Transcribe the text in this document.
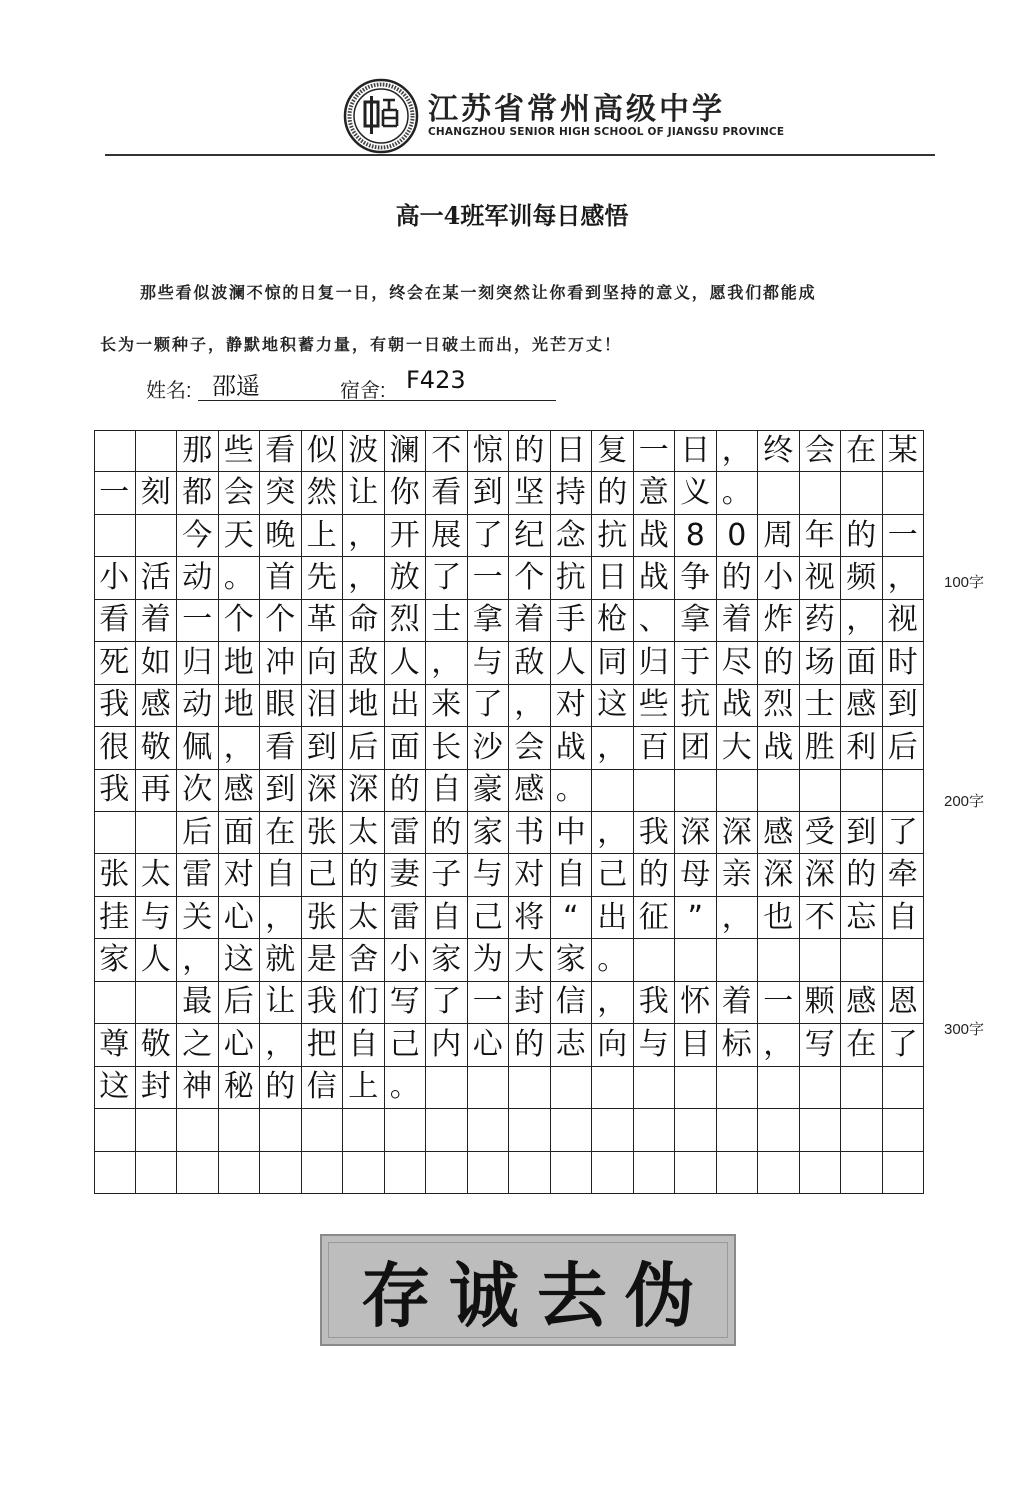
江苏省常州高级中学
CHANGZHOU SENIOR HIGH SCHOOL OF JIANGSU PROVINCE
高一4班军训每日感悟
那些看似波澜不惊的日复一日，终会在某一刻突然让你看到坚持的意义，愿我们都能成
长为一颗种子，静默地积蓄力量，有朝一日破土而出，光芒万丈！
姓名: 邵遥	宿舍: F423
那 些 看 似 波 澜 不 惊 的 日 复 一 日 ， 终 会 在 某
一 刻 都 会 突 然 让 你 看 到 坚 持 的 意 义 。
今 天 晚 上 ， 开 展 了 纪 念 抗 战 8 0 周 年 的 一
小 活 动 。 首 先 ， 放 了 一 个 抗 日 战 争 的 小 视 频 ，
看 着 一 个 个 革 命 烈 士 拿 着 手 枪 、 拿 着 炸 药 ， 视
死 如 归 地 冲 向 敌 人 ， 与 敌 人 同 归 于 尽 的 场 面 时
我 感 动 地 眼 泪 地 出 来 了 ， 对 这 些 抗 战 烈 士 感 到
很 敬 佩 ， 看 到 后 面 长 沙 会 战 ， 百 团 大 战 胜 利 后
我 再 次 感 到 深 深 的 自 豪 感 。
后 面 在 张 太 雷 的 家 书 中 ， 我 深 深 感 受 到 了
张 太 雷 对 自 己 的 妻 子 与 对 自 己 的 母 亲 深 深 的 牵
挂 与 关 心 ， 张 太 雷 自 己 将 “ 出 征 ” ， 也 不 忘 自
家 人 ， 这 就 是 舍 小 家 为 大 家 。
最 后 让 我 们 写 了 一 封 信 ， 我 怀 着 一 颗 感 恩
尊 敬 之 心 ， 把 自 己 内 心 的 志 向 与 目 标 ， 写 在 了
这 封 神 秘 的 信 上 。
100字
200字
300字
存诚去伪
